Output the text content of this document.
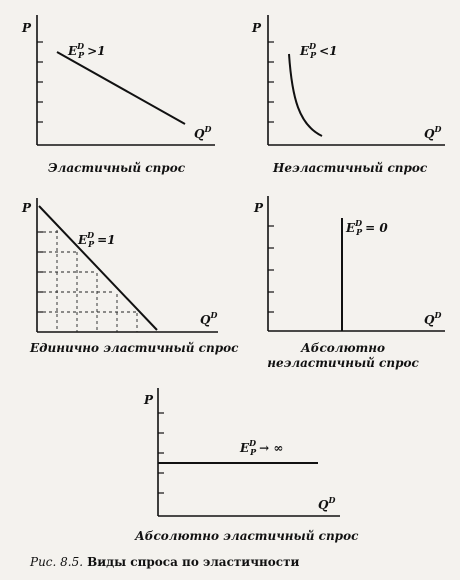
P
$Q^D$
$E^D$ P >1
Эластичный спрос
P
$Q^D$
$E^D$ P <1
Неэластичный спрос
P
$Q^D$
$E^D$ P =1
Единично эластичный спрос
P
$Q^D$
$E^D$ P = 0
Абсолютно
неэластичный спрос
P
$Q^D$
$E^D$ P → ∞
Абсолютно эластичный спрос
Рис. 8.5. Виды спроса по эластичности
